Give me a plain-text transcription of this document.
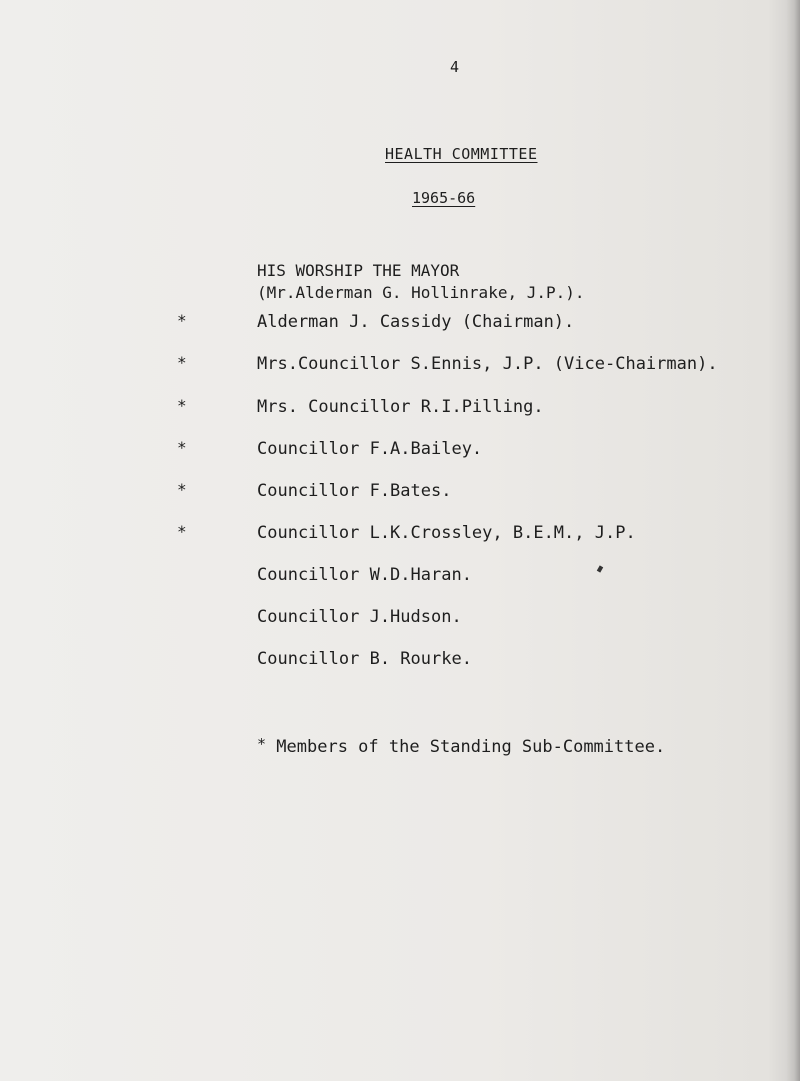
4
HEALTH COMMITTEE
1965-66
HIS WORSHIP THE MAYOR
(Mr.Alderman G. Hollinrake, J.P.).
*	Alderman J. Cassidy (Chairman).
*	Mrs.Councillor S.Ennis, J.P. (Vice-Chairman).
*	Mrs. Councillor R.I.Pilling.
*	Councillor F.A.Bailey.
*	Councillor F.Bates.
*	Councillor L.K.Crossley, B.E.M., J.P.
Councillor W.D.Haran.
Councillor J.Hudson.
Councillor B. Rourke.
* Members of the Standing Sub-Committee.
